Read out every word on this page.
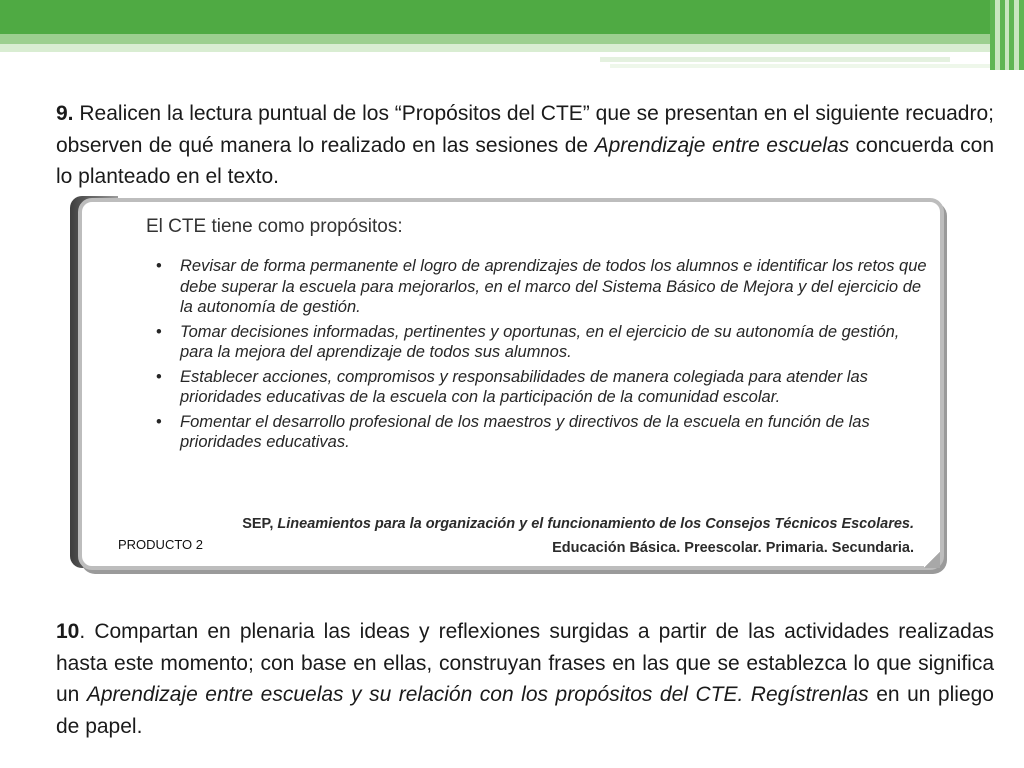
9. Realicen la lectura puntual de los “Propósitos del CTE” que se presentan en el siguiente recuadro; observen de qué manera lo realizado en las sesiones de Aprendizaje entre escuelas concuerda con lo planteado en el texto.

El CTE tiene como propósitos:

• Revisar de forma permanente el logro de aprendizajes de todos los alumnos e identificar los retos que debe superar la escuela para mejorarlos, en el marco del Sistema Básico de Mejora y del ejercicio de la autonomía de gestión.
• Tomar decisiones informadas, pertinentes y oportunas, en el ejercicio de su autonomía de gestión, para la mejora del aprendizaje de todos sus alumnos.
• Establecer acciones, compromisos y responsabilidades de manera colegiada para atender las prioridades educativas de la escuela con la participación de la comunidad escolar.
• Fomentar el desarrollo profesional de los maestros y directivos de la escuela en función de las prioridades educativas.
SEP, Lineamientos para la organización y el funcionamiento de los Consejos Técnicos Escolares.
Educación Básica. Preescolar. Primaria. Secundaria.
PRODUCTO 2

10. Compartan en plenaria las ideas y reflexiones surgidas a partir de las actividades realizadas hasta este momento; con base en ellas, construyan frases en las que se establezca lo que significa un Aprendizaje entre escuelas y su relación con los propósitos del CTE. Regístrenlas en un pliego de papel.
